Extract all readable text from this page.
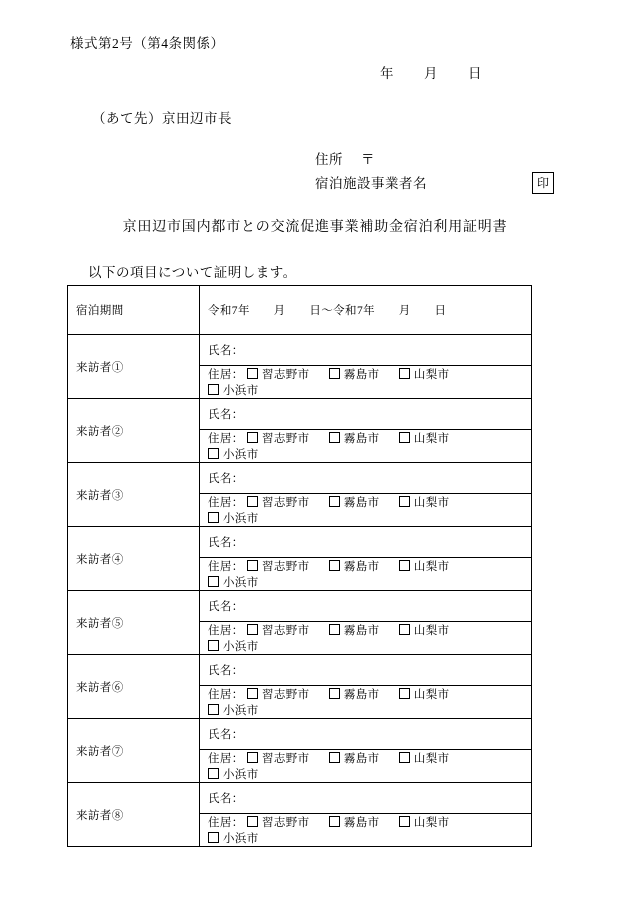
様式第2号（第4条関係）
年 月 日
（あて先）京田辺市長
住所 〒
宿泊施設事業者名	印
京田辺市国内都市との交流促進事業補助金宿泊利用証明書
以下の項目について証明します。
宿泊期間	令和7年　　月　　日～令和7年　　月　　日
来訪者①	氏名：
	住居： 習志野市 霧島市 山梨市 小浜市
来訪者②	氏名：
	住居： 習志野市 霧島市 山梨市 小浜市
来訪者③	氏名：
	住居： 習志野市 霧島市 山梨市 小浜市
来訪者④	氏名：
	住居： 習志野市 霧島市 山梨市 小浜市
来訪者⑤	氏名：
	住居： 習志野市 霧島市 山梨市 小浜市
来訪者⑥	氏名：
	住居： 習志野市 霧島市 山梨市 小浜市
来訪者⑦	氏名：
	住居： 習志野市 霧島市 山梨市 小浜市
来訪者⑧	氏名：
	住居： 習志野市 霧島市 山梨市 小浜市
